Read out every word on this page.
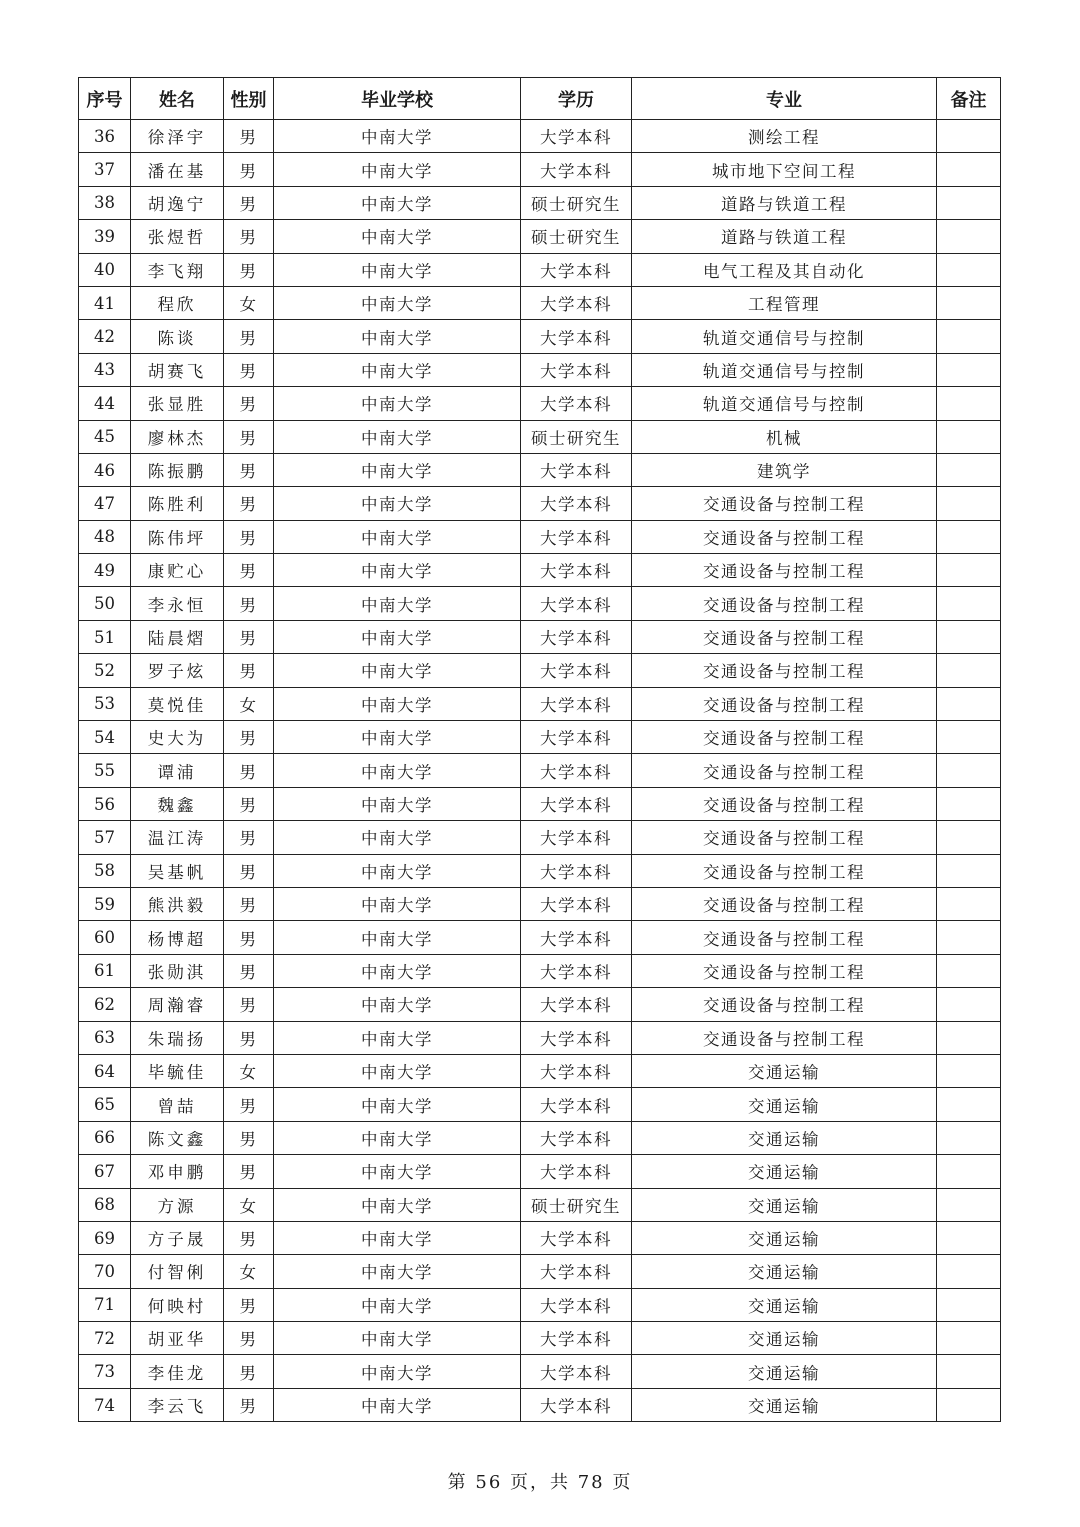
序号	姓名	性别	毕业学校	学历	专业	备注
36	徐泽宇	男	中南大学	大学本科	测绘工程	
37	潘在基	男	中南大学	大学本科	城市地下空间工程	
38	胡逸宁	男	中南大学	硕士研究生	道路与铁道工程	
39	张煜哲	男	中南大学	硕士研究生	道路与铁道工程	
40	李飞翔	男	中南大学	大学本科	电气工程及其自动化	
41	程欣	女	中南大学	大学本科	工程管理	
42	陈谈	男	中南大学	大学本科	轨道交通信号与控制	
43	胡赛飞	男	中南大学	大学本科	轨道交通信号与控制	
44	张显胜	男	中南大学	大学本科	轨道交通信号与控制	
45	廖林杰	男	中南大学	硕士研究生	机械	
46	陈振鹏	男	中南大学	大学本科	建筑学	
47	陈胜利	男	中南大学	大学本科	交通设备与控制工程	
48	陈伟坪	男	中南大学	大学本科	交通设备与控制工程	
49	康贮心	男	中南大学	大学本科	交通设备与控制工程	
50	李永恒	男	中南大学	大学本科	交通设备与控制工程	
51	陆晨熠	男	中南大学	大学本科	交通设备与控制工程	
52	罗子炫	男	中南大学	大学本科	交通设备与控制工程	
53	莫悦佳	女	中南大学	大学本科	交通设备与控制工程	
54	史大为	男	中南大学	大学本科	交通设备与控制工程	
55	谭浦	男	中南大学	大学本科	交通设备与控制工程	
56	魏鑫	男	中南大学	大学本科	交通设备与控制工程	
57	温江涛	男	中南大学	大学本科	交通设备与控制工程	
58	吴基帆	男	中南大学	大学本科	交通设备与控制工程	
59	熊洪毅	男	中南大学	大学本科	交通设备与控制工程	
60	杨博超	男	中南大学	大学本科	交通设备与控制工程	
61	张勋淇	男	中南大学	大学本科	交通设备与控制工程	
62	周瀚睿	男	中南大学	大学本科	交通设备与控制工程	
63	朱瑞扬	男	中南大学	大学本科	交通设备与控制工程	
64	毕毓佳	女	中南大学	大学本科	交通运输	
65	曾喆	男	中南大学	大学本科	交通运输	
66	陈文鑫	男	中南大学	大学本科	交通运输	
67	邓申鹏	男	中南大学	大学本科	交通运输	
68	方源	女	中南大学	硕士研究生	交通运输	
69	方子晟	男	中南大学	大学本科	交通运输	
70	付智俐	女	中南大学	大学本科	交通运输	
71	何映村	男	中南大学	大学本科	交通运输	
72	胡亚华	男	中南大学	大学本科	交通运输	
73	李佳龙	男	中南大学	大学本科	交通运输	
74	李云飞	男	中南大学	大学本科	交通运输	
第 56 页，共 78 页
